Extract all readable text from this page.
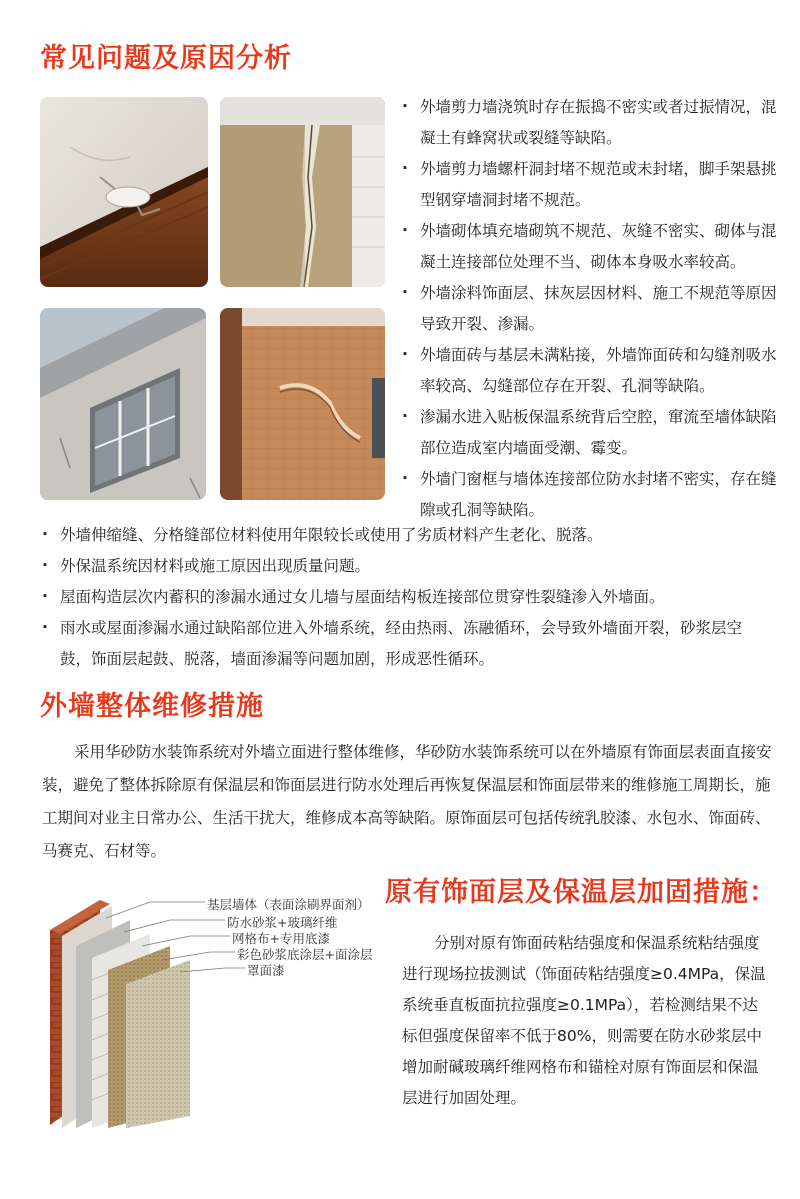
常见问题及原因分析
· 外墙剪力墙浇筑时存在振捣不密实或者过振情况，混凝土有蜂窝状或裂缝等缺陷。
· 外墙剪力墙螺杆洞封堵不规范或未封堵，脚手架悬挑型钢穿墙洞封堵不规范。
· 外墙砌体填充墙砌筑不规范、灰缝不密实、砌体与混凝土连接部位处理不当、砌体本身吸水率较高。
· 外墙涂料饰面层、抹灰层因材料、施工不规范等原因导致开裂、渗漏。
· 外墙面砖与基层未满粘接，外墙饰面砖和勾缝剂吸水率较高、勾缝部位存在开裂、孔洞等缺陷。
· 渗漏水进入贴板保温系统背后空腔，窜流至墙体缺陷部位造成室内墙面受潮、霉变。
· 外墙门窗框与墙体连接部位防水封堵不密实，存在缝隙或孔洞等缺陷。
· 外墙伸缩缝、分格缝部位材料使用年限较长或使用了劣质材料产生老化、脱落。
· 外保温系统因材料或施工原因出现质量问题。
· 屋面构造层次内蓄积的渗漏水通过女儿墙与屋面结构板连接部位贯穿性裂缝渗入外墙面。
· 雨水或屋面渗漏水通过缺陷部位进入外墙系统，经由热雨、冻融循环，会导致外墙面开裂，砂浆层空鼓，饰面层起鼓、脱落，墙面渗漏等问题加剧，形成恶性循环。
外墙整体维修措施

采用华砂防水装饰系统对外墙立面进行整体维修，华砂防水装饰系统可以在外墙原有饰面层表面直接安装，避免了整体拆除原有保温层和饰面层进行防水处理后再恢复保温层和饰面层带来的维修施工周期长，施工期间对业主日常办公、生活干扰大，维修成本高等缺陷。原饰面层可包括传统乳胶漆、水包水、饰面砖、马赛克、石材等。

原有饰面层及保温层加固措施：
基层墙体（表面涂刷界面剂）
防水砂浆+玻璃纤维
网格布+专用底漆
彩色砂浆底涂层+面涂层
罩面漆

分别对原有饰面砖粘结强度和保温系统粘结强度进行现场拉拔测试（饰面砖粘结强度≥0.4MPa，保温系统垂直板面抗拉强度≥0.1MPa），若检测结果不达标但强度保留率不低于80%，则需要在防水砂浆层中增加耐碱玻璃纤维网格布和锚栓对原有饰面层和保温层进行加固处理。
